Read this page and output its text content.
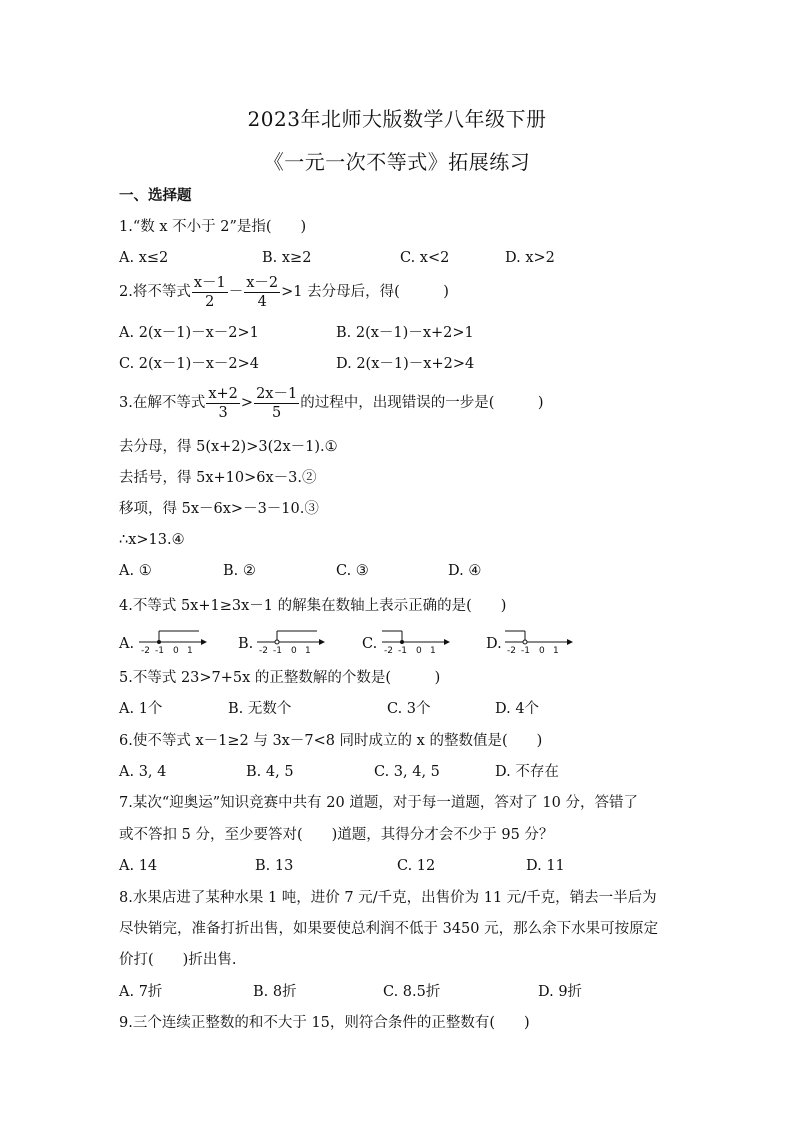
2023年北师大版数学八年级下册
《一元一次不等式》拓展练习
一、选择题
1.“数 x 不小于 2”是指(　　)
A. x≤2	B. x≥2	C. x<2	D. x>2
2.将不等式 $\frac{x-1}{2} - \frac{x-2}{4} >1$ 去分母后，得(　　　)
A. 2(x－1)－x－2>1	B. 2(x－1)－x+2>1
C. 2(x－1)－x－2>4	D. 2(x－1)－x+2>4
3.在解不等式 $\frac{x+2}{3} > \frac{2x-1}{5}$ 的过程中，出现错误的一步是(　　　)
去分母，得 5(x+2)>3(2x－1).①
去括号，得 5x+10>6x－3.②
移项，得 5x－6x>－3－10.③
∴x>13.④
A. ①	B. ②	C. ③	D. ④
4.不等式 5x+1≥3x－1 的解集在数轴上表示正确的是(　　)
A.	B.	C.	D.
-2 -1 0 1	-2 -1 0 1	-2 -1 0 1	-2 -1 0 1
5.不等式 23>7+5x 的正整数解的个数是(　　　)
A. 1个	B. 无数个	C. 3个	D. 4个
6.使不等式 x－1≥2 与 3x－7<8 同时成立的 x 的整数值是(　　)
A. 3, 4	B. 4, 5	C. 3, 4, 5	D. 不存在
7.某次“迎奥运”知识竞赛中共有 20 道题，对于每一道题，答对了 10 分，答错了
或不答扣 5 分，至少要答对(　　)道题，其得分才会不少于 95 分？
A. 14	B. 13	C. 12	D. 11
8.水果店进了某种水果 1 吨，进价 7 元/千克，出售价为 11 元/千克，销去一半后为
尽快销完，准备打折出售，如果要使总利润不低于 3450 元，那么余下水果可按原定
价打(　　)折出售.
A. 7折	B. 8折	C. 8.5折	D. 9折
9.三个连续正整数的和不大于 15，则符合条件的正整数有(　　)
